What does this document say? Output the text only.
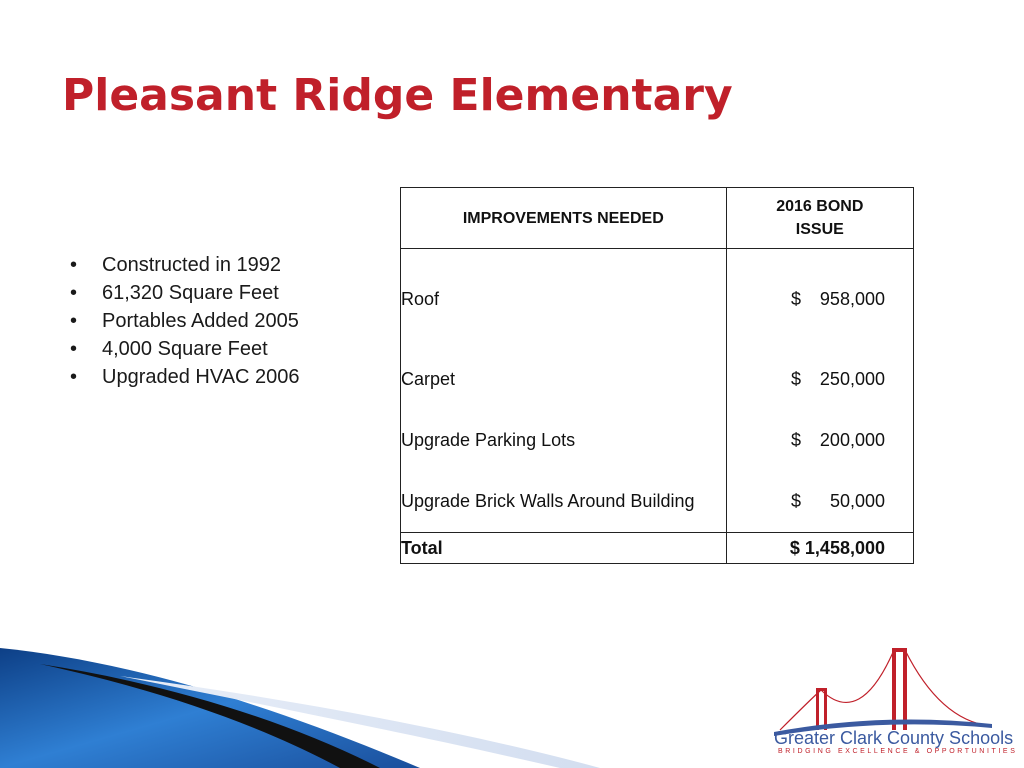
Pleasant Ridge Elementary
• Constructed in 1992
• 61,320 Square Feet
• Portables Added 2005
• 4,000 Square Feet
• Upgraded HVAC 2006
IMPROVEMENTS NEEDED	2016 BOND ISSUE
Roof	$ 958,000
Carpet	$ 250,000
Upgrade Parking Lots	$ 200,000
Upgrade Brick Walls Around Building	$ 50,000
Total	$ 1,458,000
Greater Clark County Schools
BRIDGING EXCELLENCE & OPPORTUNITIES
